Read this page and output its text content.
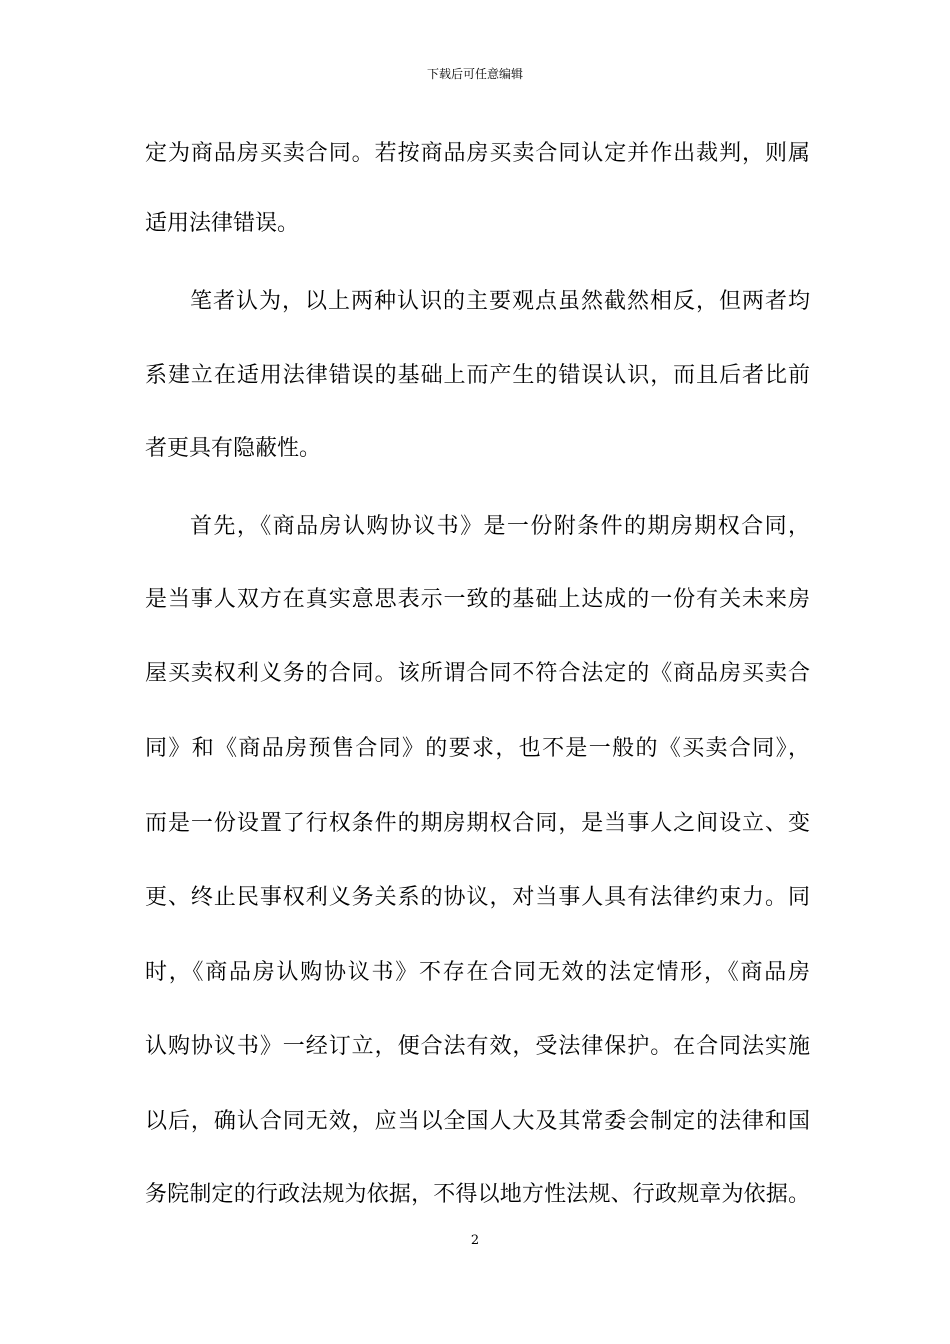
下载后可任意编辑
定为商品房买卖合同。若按商品房买卖合同认定并作出裁判，则属
适用法律错误。
笔者认为，以上两种认识的主要观点虽然截然相反，但两者均
系建立在适用法律错误的基础上而产生的错误认识，而且后者比前
者更具有隐蔽性。
首先，《商品房认购协议书》是一份附条件的期房期权合同，
是当事人双方在真实意思表示一致的基础上达成的一份有关未来房
屋买卖权利义务的合同。该所谓合同不符合法定的《商品房买卖合
同》和《商品房预售合同》的要求，也不是一般的《买卖合同》，
而是一份设置了行权条件的期房期权合同，是当事人之间设立、变
更、终止民事权利义务关系的协议，对当事人具有法律约束力。同
时，《商品房认购协议书》不存在合同无效的法定情形，《商品房
认购协议书》一经订立，便合法有效，受法律保护。在合同法实施
以后，确认合同无效，应当以全国人大及其常委会制定的法律和国
务院制定的行政法规为依据，不得以地方性法规、行政规章为依据。
2
